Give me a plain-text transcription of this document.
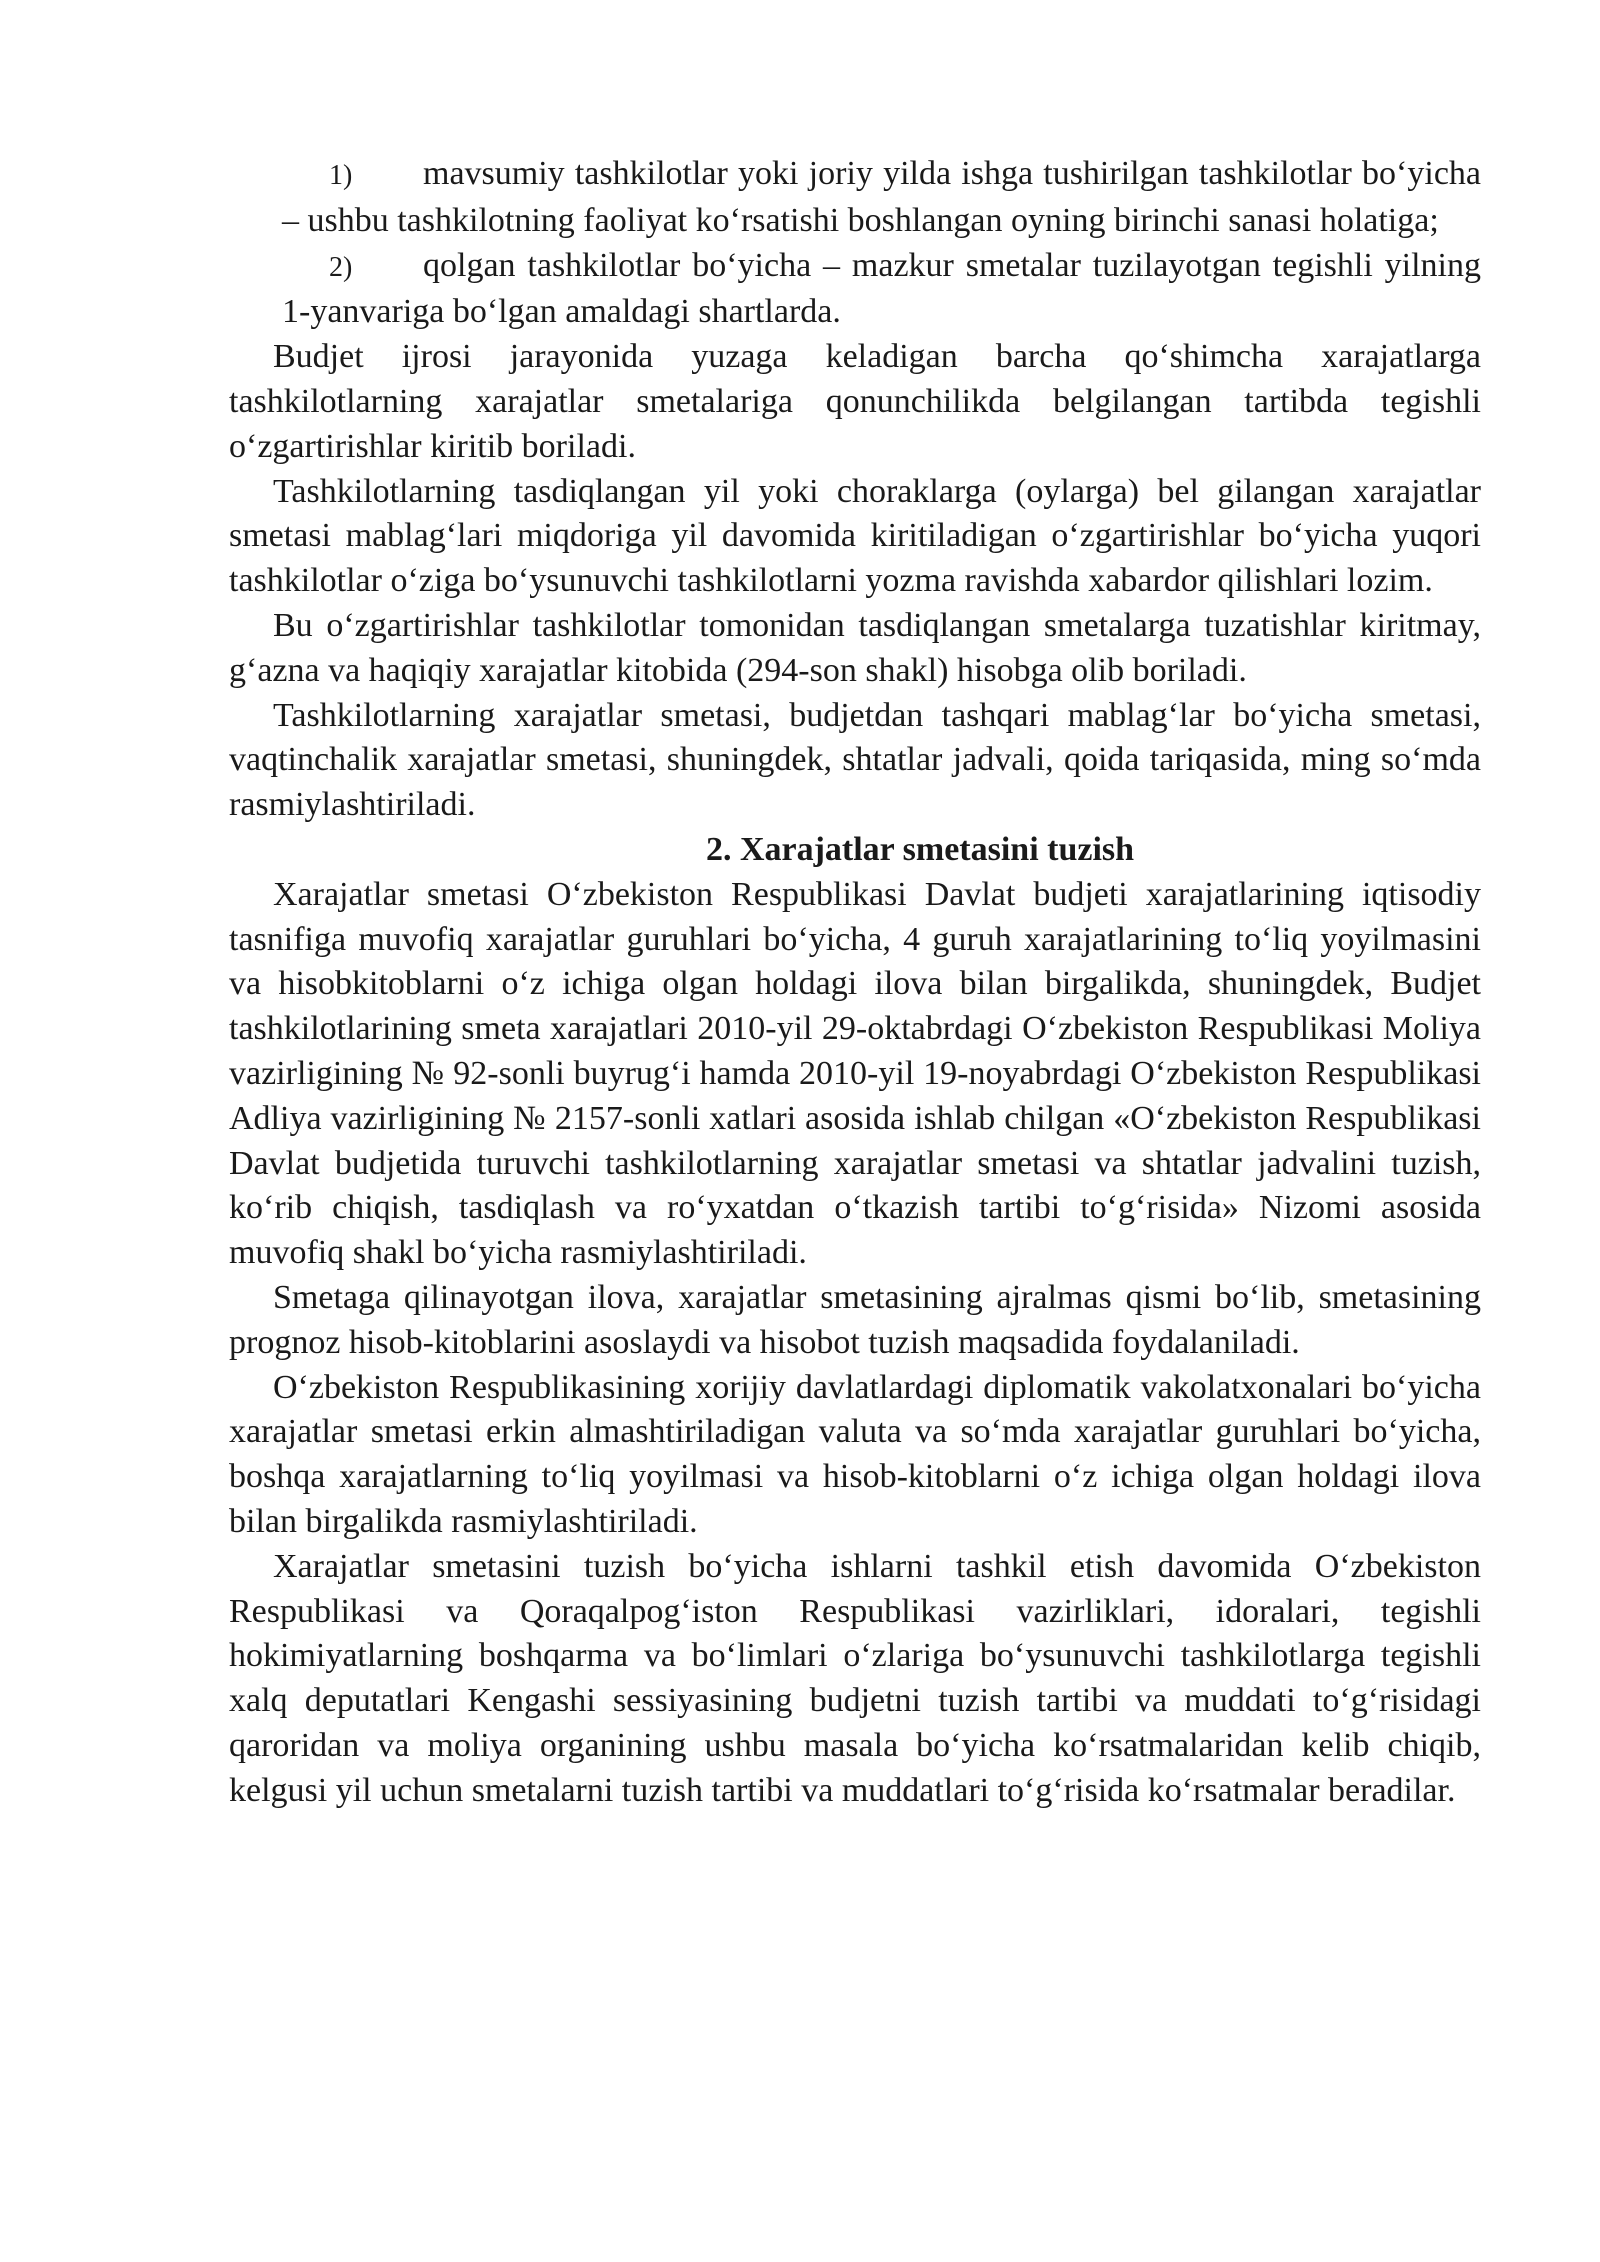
1) mavsumiy tashkilotlar yoki joriy yilda ishga tushirilgan tashkilotlar bo‘yicha – ushbu tashkilotning faoliyat ko‘rsatishi boshlangan oyning birinchi sanasi holatiga;
2) qolgan tashkilotlar bo‘yicha – mazkur smetalar tuzilayotgan tegishli yilning 1-yanvariga bo‘lgan amaldagi shartlarda.

Budjet ijrosi jarayonida yuzaga keladigan barcha qo‘shimcha xarajatlarga tashkilotlarning xarajatlar smetalariga qonunchilikda belgilangan tartibda tegishli o‘zgartirishlar kiritib boriladi.

Tashkilotlarning tasdiqlangan yil yoki choraklarga (oylarga) bel gilangan xarajatlar smetasi mablag‘lari miqdoriga yil davomida kiritiladigan o‘zgartirishlar bo‘yicha yuqori tashkilotlar o‘ziga bo‘ysunuvchi tashkilotlarni yozma ravishda xabardor qilishlari lozim.

Bu o‘zgartirishlar tashkilotlar tomonidan tasdiqlangan smetalarga tuzatishlar kiritmay, g‘azna va haqiqiy xarajatlar kitobida (294-son shakl) hisobga olib boriladi.

Tashkilotlarning xarajatlar smetasi, budjetdan tashqari mablag‘lar bo‘yicha smetasi, vaqtinchalik xarajatlar smetasi, shuningdek, shtatlar jadvali, qoida tariqasida, ming so‘mda rasmiylashtiriladi.

2. Xarajatlar smetasini tuzish

Xarajatlar smetasi O‘zbekiston Respublikasi Davlat budjeti xarajatlarining iqtisodiy tasnifiga muvofiq xarajatlar guruhlari bo‘yicha, 4 guruh xarajatlarining to‘liq yoyilmasini va hisobkitoblarni o‘z ichiga olgan holdagi ilova bilan birgalikda, shuningdek, Budjet tashkilotlarining smeta xarajatlari 2010-yil 29-oktabrdagi O‘zbekiston Respublikasi Moliya vazirligining № 92-sonli buyrug‘i hamda 2010-yil 19-noyabrdagi O‘zbekiston Respublikasi Adliya vazirligining № 2157-sonli xatlari asosida ishlab chilgan «O‘zbekiston Respublikasi Davlat budjetida turuvchi tashkilotlarning xarajatlar smetasi va shtatlar jadvalini tuzish, ko‘rib chiqish, tasdiqlash va ro‘yxatdan o‘tkazish tartibi to‘g‘risida» Nizomi asosida muvofiq shakl bo‘yicha rasmiylashtiriladi.

Smetaga qilinayotgan ilova, xarajatlar smetasining ajralmas qismi bo‘lib, smetasining prognoz hisob-kitoblarini asoslaydi va hisobot tuzish maqsadida foydalaniladi.

O‘zbekiston Respublikasining xorijiy davlatlardagi diplomatik vakolatxonalari bo‘yicha xarajatlar smetasi erkin almashtiriladigan valuta va so‘mda xarajatlar guruhlari bo‘yicha, boshqa xarajatlarning to‘liq yoyilmasi va hisob-kitoblarni o‘z ichiga olgan holdagi ilova bilan birgalikda rasmiylashtiriladi.

Xarajatlar smetasini tuzish bo‘yicha ishlarni tashkil etish davomida O‘zbekiston Respublikasi va Qoraqalpog‘iston Respublikasi vazirliklari, idoralari, tegishli hokimiyatlarning boshqarma va bo‘limlari o‘zlariga bo‘ysunuvchi tashkilotlarga tegishli xalq deputatlari Kengashi sessiyasining budjetni tuzish tartibi va muddati to‘g‘risidagi qaroridan va moliya organining ushbu masala bo‘yicha ko‘rsatmalaridan kelib chiqib, kelgusi yil uchun smetalarni tuzish tartibi va muddatlari to‘g‘risida ko‘rsatmalar beradilar.
